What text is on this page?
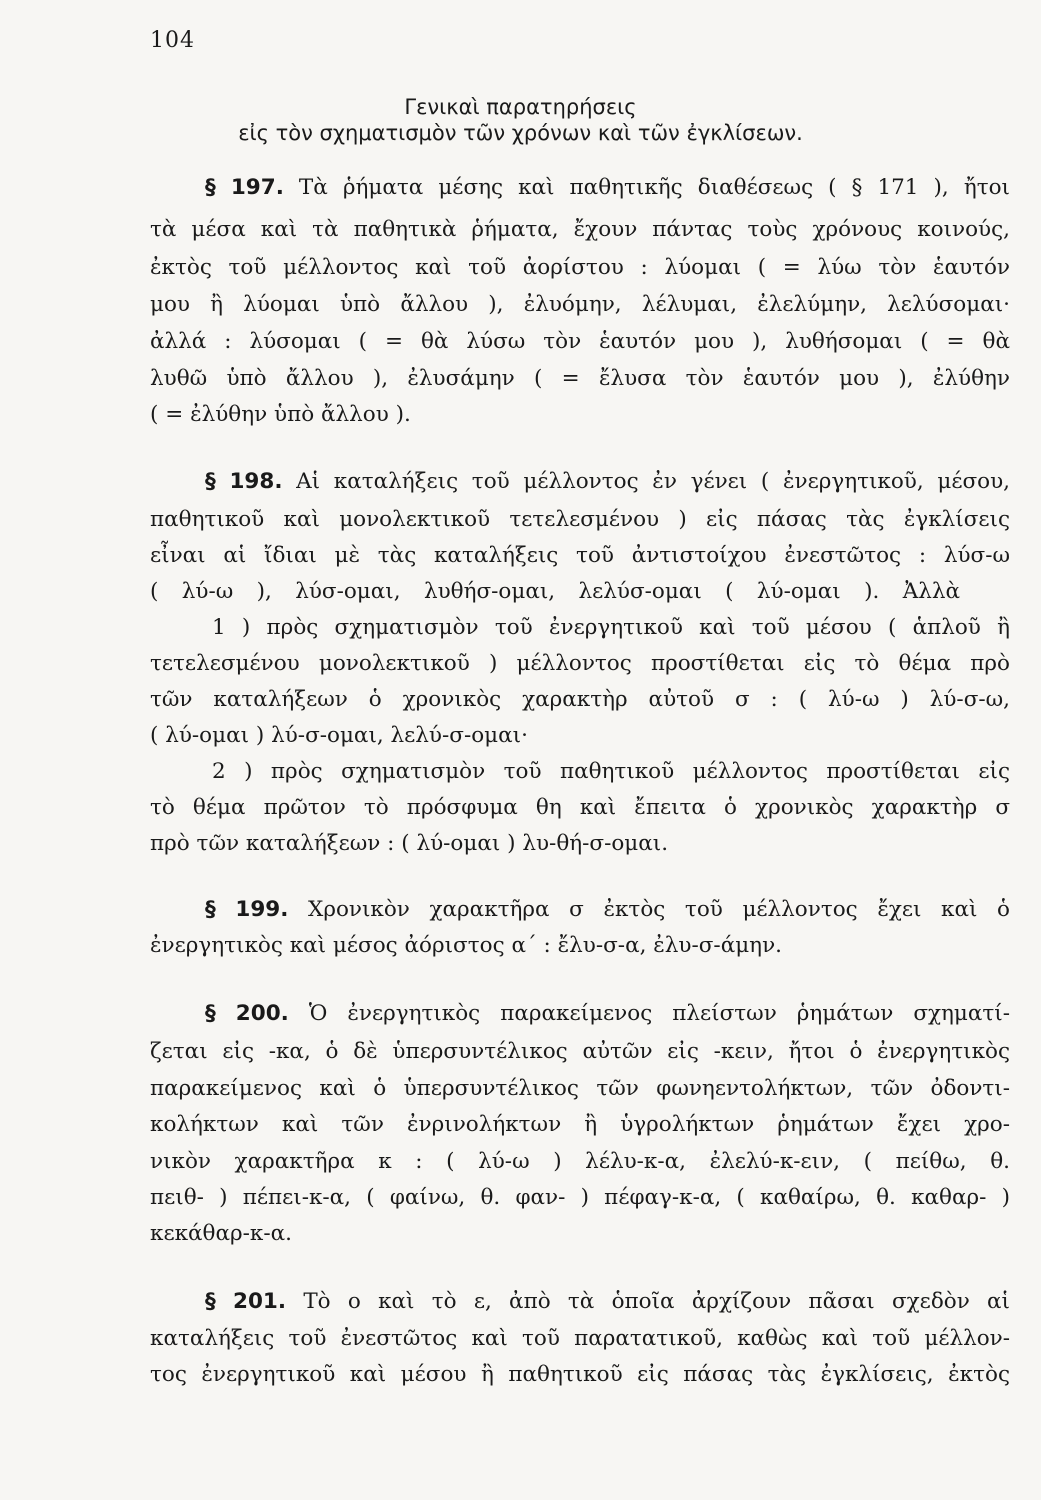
104
Γενικαὶ παρατηρήσεις
εἰς τὸν σχηματισμὸν τῶν χρόνων καὶ τῶν ἐγκλίσεων.
§ 197. Τὰ ῥήματα μέσης καὶ παθητικῆς διαθέσεως ( § 171 ), ἤτοι
τὰ μέσα καὶ τὰ παθητικὰ ῥήματα, ἔχουν πάντας τοὺς χρόνους κοινούς,
ἐκτὸς τοῦ μέλλοντος καὶ τοῦ ἀορίστου : λύομαι ( = λύω τὸν ἑαυτόν
μου ἢ λύομαι ὑπὸ ἄλλου ), ἐλυόμην, λέλυμαι, ἐλελύμην, λελύσομαι·
ἀλλά : λύσομαι ( = θὰ λύσω τὸν ἑαυτόν μου ), λυθήσομαι ( = θὰ
λυθῶ ὑπὸ ἄλλου ), ἐλυσάμην ( = ἔλυσα τὸν ἑαυτόν μου ), ἐλύθην
( = ἐλύθην ὑπὸ ἄλλου ).
§ 198. Αἱ καταλήξεις τοῦ μέλλοντος ἐν γένει ( ἐνεργητικοῦ, μέσου,
παθητικοῦ καὶ μονολεκτικοῦ τετελεσμένου ) εἰς πάσας τὰς ἐγκλίσεις
εἶναι αἱ ἴδιαι μὲ τὰς καταλήξεις τοῦ ἀντιστοίχου ἐνεστῶτος : λύσ-ω
( λύ-ω ), λύσ-ομαι, λυθήσ-ομαι, λελύσ-ομαι ( λύ-ομαι ). Ἀλλὰ
1 ) πρὸς σχηματισμὸν τοῦ ἐνεργητικοῦ καὶ τοῦ μέσου ( ἁπλοῦ ἢ
τετελεσμένου μονολεκτικοῦ ) μέλλοντος προστίθεται εἰς τὸ θέμα πρὸ
τῶν καταλήξεων ὁ χρονικὸς χαρακτὴρ αὐτοῦ σ : ( λύ-ω ) λύ-σ-ω,
( λύ-ομαι ) λύ-σ-ομαι, λελύ-σ-ομαι·
2 ) πρὸς σχηματισμὸν τοῦ παθητικοῦ μέλλοντος προστίθεται εἰς
τὸ θέμα πρῶτον τὸ πρόσφυμα θη καὶ ἔπειτα ὁ χρονικὸς χαρακτὴρ σ
πρὸ τῶν καταλήξεων : ( λύ-ομαι ) λυ-θή-σ-ομαι.
§ 199. Χρονικὸν χαρακτῆρα σ ἐκτὸς τοῦ μέλλοντος ἔχει καὶ ὁ
ἐνεργητικὸς καὶ μέσος ἀόριστος α΄ : ἔλυ-σ-α, ἐλυ-σ-άμην.
§ 200. Ὁ ἐνεργητικὸς παρακείμενος πλείστων ῥημάτων σχηματί-
ζεται εἰς -κα, ὁ δὲ ὑπερσυντέλικος αὐτῶν εἰς -κειν, ἤτοι ὁ ἐνεργητικὸς
παρακείμενος καὶ ὁ ὑπερσυντέλικος τῶν φωνηεντολήκτων, τῶν ὀδοντι-
κολήκτων καὶ τῶν ἐνρινολήκτων ἢ ὑγρολήκτων ῥημάτων ἔχει χρο-
νικὸν χαρακτῆρα κ : ( λύ-ω ) λέλυ-κ-α, ἐλελύ-κ-ειν, ( πείθω, θ.
πειθ- ) πέπει-κ-α, ( φαίνω, θ. φαν- ) πέφαγ-κ-α, ( καθαίρω, θ. καθαρ- )
κεκάθαρ-κ-α.
§ 201. Τὸ ο καὶ τὸ ε, ἀπὸ τὰ ὁποῖα ἀρχίζουν πᾶσαι σχεδὸν αἱ
καταλήξεις τοῦ ἐνεστῶτος καὶ τοῦ παρατατικοῦ, καθὼς καὶ τοῦ μέλλον-
τος ἐνεργητικοῦ καὶ μέσου ἢ παθητικοῦ εἰς πάσας τὰς ἐγκλίσεις, ἐκτὸς
